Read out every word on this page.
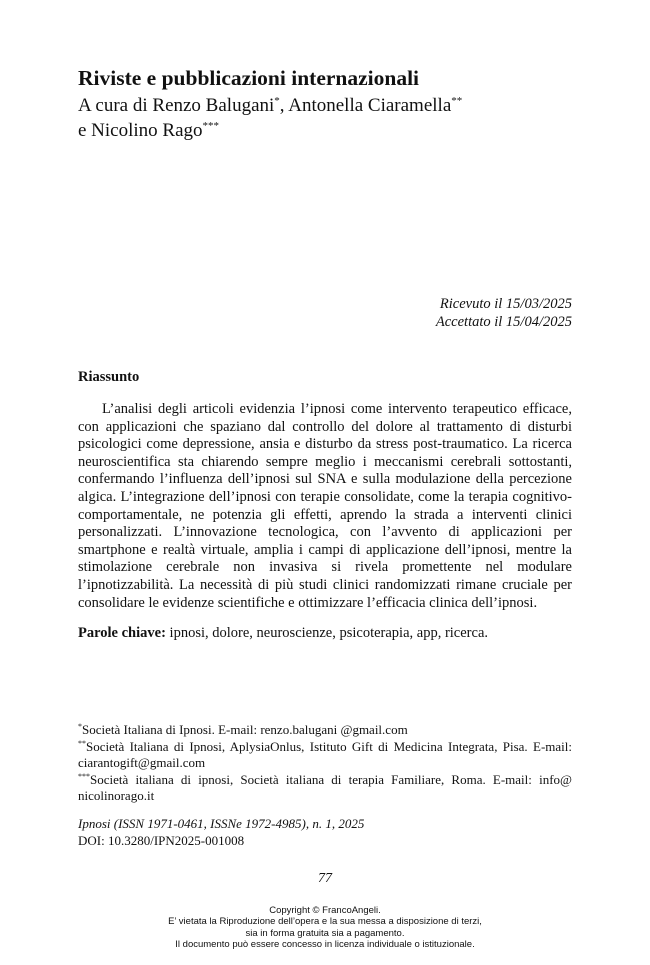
Riviste e pubblicazioni internazionali
A cura di Renzo Balugani*, Antonella Ciaramella**
e Nicolino Rago***
Ricevuto il 15/03/2025
Accettato il 15/04/2025
Riassunto

L’analisi degli articoli evidenzia l’ipnosi come intervento terapeutico efficace, con applicazioni che spaziano dal controllo del dolore al trattamento di disturbi psicologici come depressione, ansia e disturbo da stress post-traumatico. La ricerca neuroscientifica sta chiarendo sempre meglio i meccanismi cerebrali sottostanti, confermando l’influenza dell’ipnosi sul SNA e sulla modulazione della percezione algica. L’integrazione dell’ipnosi con terapie consolidate, come la terapia cognitivo-comportamentale, ne potenzia gli effetti, aprendo la strada a interventi clinici personalizzati. L’innovazione tecnologica, con l’avvento di applicazioni per smartphone e realtà virtuale, amplia i campi di applicazione dell’ipnosi, mentre la stimolazione cerebrale non invasiva si rivela promettente nel modulare l’ipnotizzabilità. La necessità di più studi clinici randomizzati rimane cruciale per consolidare le evidenze scientifiche e ottimizzare l’efficacia clinica dell’ipnosi.

Parole chiave: ipnosi, dolore, neuroscienze, psicoterapia, app, ricerca.

*Società Italiana di Ipnosi. E-mail: renzo.balugani @gmail.com

**Società Italiana di Ipnosi, AplysiaOnlus, Istituto Gift di Medicina Integrata, Pisa. E-mail: ciarantogift@gmail.com

***Società italiana di ipnosi, Società italiana di terapia Familiare, Roma. E-mail: info@ nicolinorago.it

Ipnosi (ISSN 1971-0461, ISSNe 1972-4985), n. 1, 2025
DOI: 10.3280/IPN2025-001008
77
Copyright © FrancoAngeli.
E’ vietata la Riproduzione dell’opera e la sua messa a disposizione di terzi,
sia in forma gratuita sia a pagamento.
Il documento può essere concesso in licenza individuale o istituzionale.
